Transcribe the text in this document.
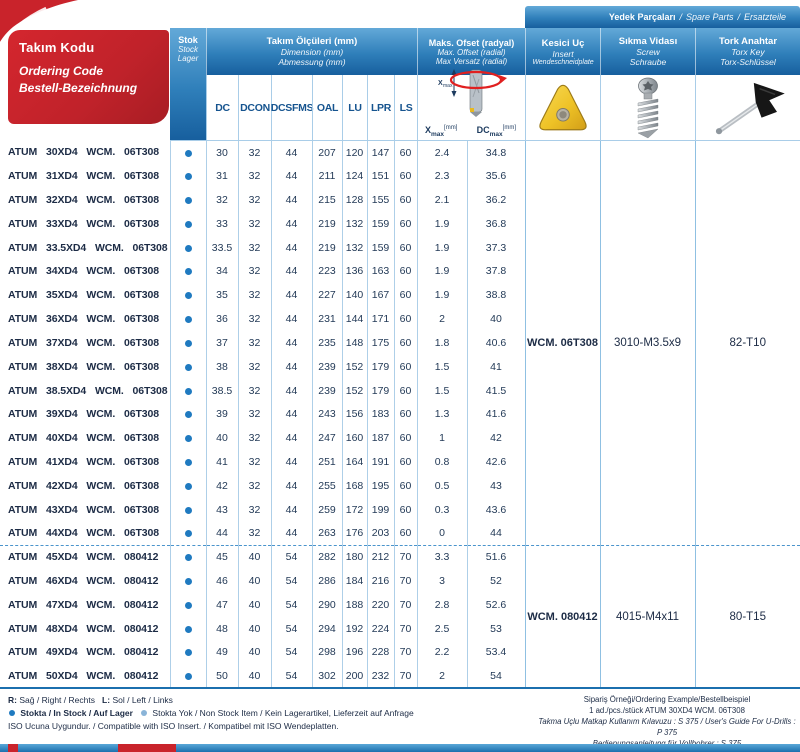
Takım Kodu
Ordering Code
Bestell-Bezeichnung
Yedek Parçaları / Spare Parts / Ersatzteile
Stok
Stock
Lager
Takım Ölçüleri (mm)
Dimension (mm)
Abmessung (mm)
Maks. Ofset (radyal)
Max. Offset (radial)
Max Versatz (radial)
Kesici Uç
Insert
Wendeschneidplate
Sıkma Vidası
Screw
Schraube
Tork Anahtar
Torx Key
Torx-Schlüssel
DC DCON DCSFMS OAL LU LPR LS
X max
$X_{max}[mm]$ $DC_{max}[mm]$
ATUM 30XD4 WCM. 06T308		30	32	44	207	120	147	60	2.4	34.8	WCM. 06T308	3010-M3.5x9	82-T10
ATUM 31XD4 WCM. 06T308		31	32	44	211	124	151	60	2.3	35.6			
ATUM 32XD4 WCM. 06T308		32	32	44	215	128	155	60	2.1	36.2			
ATUM 33XD4 WCM. 06T308		33	32	44	219	132	159	60	1.9	36.8			
ATUM 33.5XD4 WCM. 06T308		33.5	32	44	219	132	159	60	1.9	37.3			
ATUM 34XD4 WCM. 06T308		34	32	44	223	136	163	60	1.9	37.8			
ATUM 35XD4 WCM. 06T308		35	32	44	227	140	167	60	1.9	38.8			
ATUM 36XD4 WCM. 06T308		36	32	44	231	144	171	60	2	40			
ATUM 37XD4 WCM. 06T308		37	32	44	235	148	175	60	1.8	40.6			
ATUM 38XD4 WCM. 06T308		38	32	44	239	152	179	60	1.5	41			
ATUM 38.5XD4 WCM. 06T308		38.5	32	44	239	152	179	60	1.5	41.5			
ATUM 39XD4 WCM. 06T308		39	32	44	243	156	183	60	1.3	41.6			
ATUM 40XD4 WCM. 06T308		40	32	44	247	160	187	60	1	42			
ATUM 41XD4 WCM. 06T308		41	32	44	251	164	191	60	0.8	42.6			
ATUM 42XD4 WCM. 06T308		42	32	44	255	168	195	60	0.5	43			
ATUM 43XD4 WCM. 06T308		43	32	44	259	172	199	60	0.3	43.6			
ATUM 44XD4 WCM. 06T308		44	32	44	263	176	203	60	0	44			
ATUM 45XD4 WCM. 080412		45	40	54	282	180	212	70	3.3	51.6	WCM. 080412	4015-M4x11	80-T15
ATUM 46XD4 WCM. 080412		46	40	54	286	184	216	70	3	52			
ATUM 47XD4 WCM. 080412		47	40	54	290	188	220	70	2.8	52.6			
ATUM 48XD4 WCM. 080412		48	40	54	294	192	224	70	2.5	53			
ATUM 49XD4 WCM. 080412		49	40	54	298	196	228	70	2.2	53.4			
ATUM 50XD4 WCM. 080412		50	40	54	302	200	232	70	2	54			
R: Sağ / Right / Rechts L: Sol / Left / Links
Stokta / In Stock / Auf Lager Stokta Yok / Non Stock Item / Kein Lagerartikel, Lieferzeit auf Anfrage
ISO Ucuna Uygundur. / Compatible with ISO Insert. / Kompatibel mit ISO Wendeplatten.
Sipariş Örneği/Ordering Example/Bestellbeispiel
1 ad./pcs./stück ATUM 30XD4 WCM. 06T308
Takma Uçlu Matkap Kullanım Kılavuzu : S 375 / User's Guide For U-Drills : P 375
